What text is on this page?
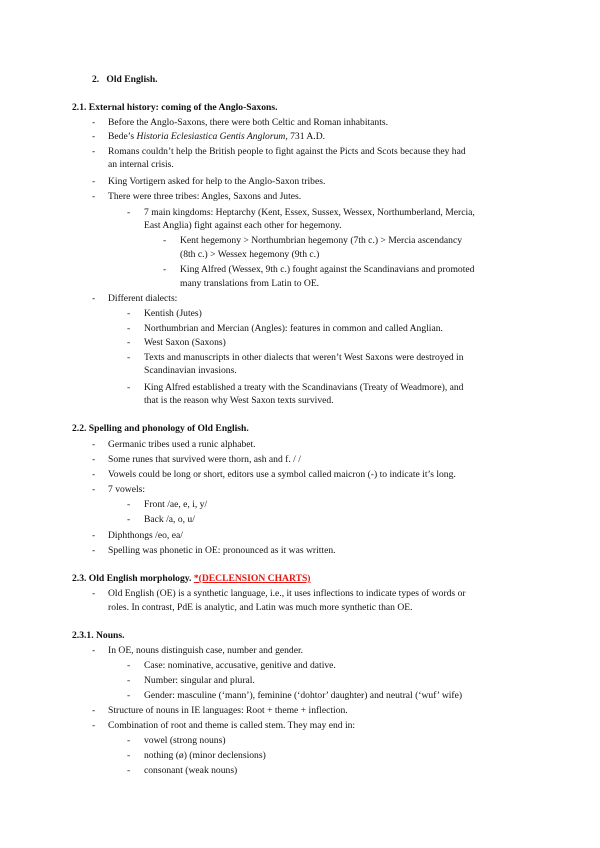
2.   Old English.
2.1. External history: coming of the Anglo-Saxons.
- Before the Anglo-Saxons, there were both Celtic and Roman inhabitants.
- Bede’s Historia Eclesiastica Gentis Anglorum, 731 A.D.
- Romans couldn’t help the British people to fight against the Picts and Scots because they had
an internal crisis.
- King Vortigern asked for help to the Anglo-Saxon tribes.
- There were three tribes: Angles, Saxons and Jutes.
- 7 main kingdoms: Heptarchy (Kent, Essex, Sussex, Wessex, Northumberland, Mercia,
East Anglia) fight against each other for hegemony.
- Kent hegemony > Northumbrian hegemony (7th c.) > Mercia ascendancy
(8th c.) > Wessex hegemony (9th c.)
- King Alfred (Wessex, 9th c.) fought against the Scandinavians and promoted
many translations from Latin to OE.
- Different dialects:
- Kentish (Jutes)
- Northumbrian and Mercian (Angles): features in common and called Anglian.
- West Saxon (Saxons)
- Texts and manuscripts in other dialects that weren’t West Saxons were destroyed in
Scandinavian invasions.
- King Alfred established a treaty with the Scandinavians (Treaty of Weadmore), and
that is the reason why West Saxon texts survived.
2.2. Spelling and phonology of Old English.
- Germanic tribes used a runic alphabet.
- Some runes that survived were thorn, ash and f. / /
- Vowels could be long or short, editors use a symbol called maicron (-) to indicate it’s long.
- 7 vowels:
- Front /ae, e, i, y/
- Back /a, o, u/
- Diphthongs /eo, ea/
- Spelling was phonetic in OE: pronounced as it was written.
2.3. Old English morphology. *(DECLENSION CHARTS)
- Old English (OE) is a synthetic language, i.e., it uses inflections to indicate types of words or
roles. In contrast, PdE is analytic, and Latin was much more synthetic than OE.
2.3.1. Nouns.
- In OE, nouns distinguish case, number and gender.
- Case: nominative, accusative, genitive and dative.
- Number: singular and plural.
- Gender: masculine (‘mann’), feminine (‘dohtor’ daughter) and neutral (‘wuf’ wife)
- Structure of nouns in IE languages: Root + theme + inflection.
- Combination of root and theme is called stem. They may end in:
- vowel (strong nouns)
- nothing (ø) (minor declensions)
- consonant (weak nouns)
